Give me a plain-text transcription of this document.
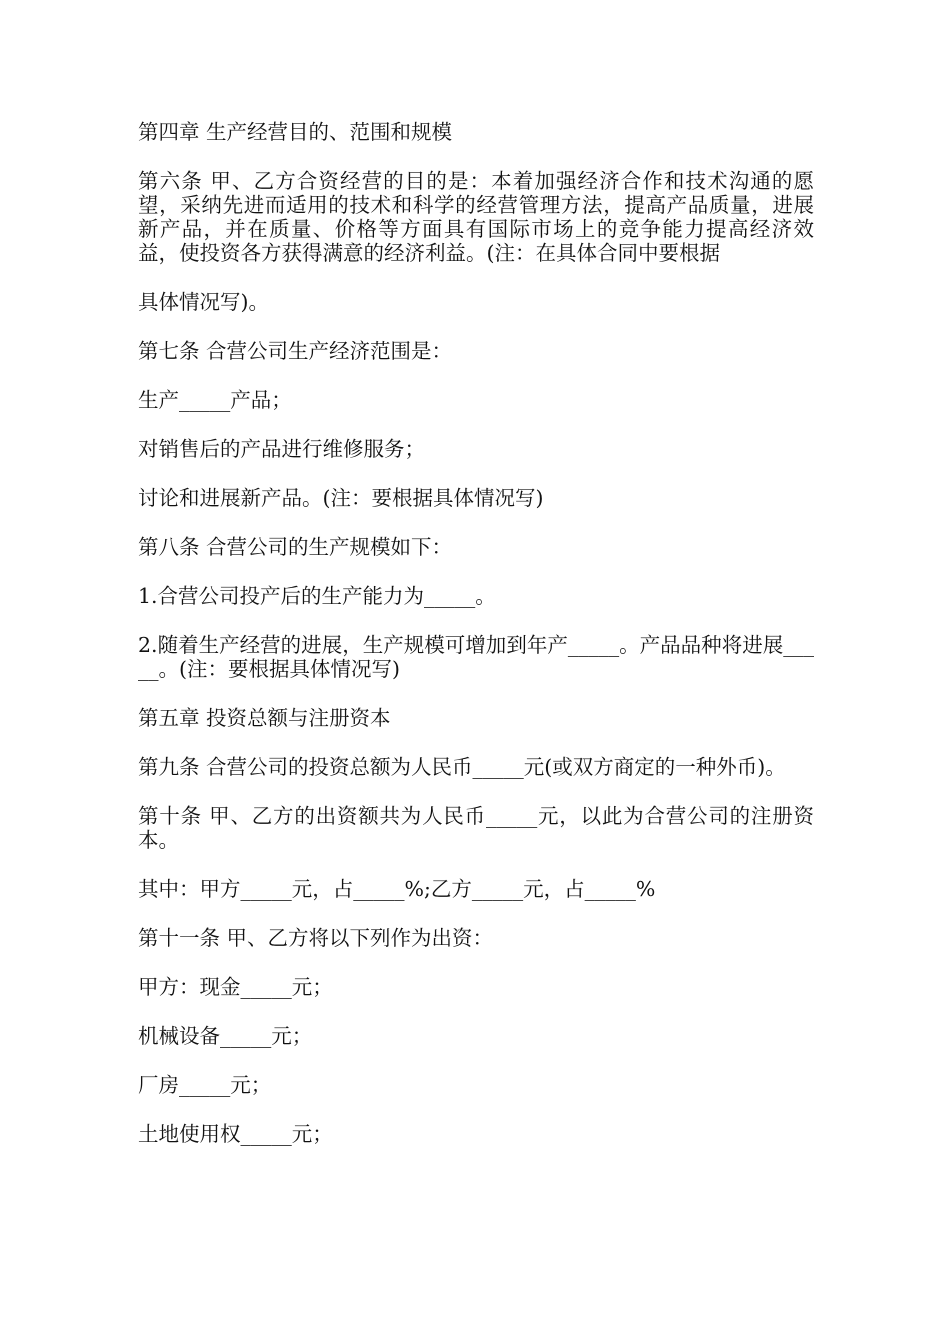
第四章 生产经营目的、范围和规模

第六条 甲、乙方合资经营的目的是：本着加强经济合作和技术沟通的愿望，采纳先进而适用的技术和科学的经营管理方法，提高产品质量，进展新产品，并在质量、价格等方面具有国际市场上的竞争能力提高经济效益，使投资各方获得满意的经济利益。(注：在具体合同中要根据

具体情况写)。

第七条 合营公司生产经济范围是：

生产_____产品；

对销售后的产品进行维修服务；

讨论和进展新产品。(注：要根据具体情况写)

第八条 合营公司的生产规模如下：

1.合营公司投产后的生产能力为_____。

2.随着生产经营的进展，生产规模可增加到年产_____。产品品种将进展_____。(注：要根据具体情况写)

第五章 投资总额与注册资本

第九条 合营公司的投资总额为人民币_____元(或双方商定的一种外币)。

第十条 甲、乙方的出资额共为人民币_____元，以此为合营公司的注册资本。

其中：甲方_____元，占_____%;乙方_____元，占_____%

第十一条 甲、乙方将以下列作为出资：

甲方：现金_____元；

机械设备_____元；

厂房_____元；

土地使用权_____元；
